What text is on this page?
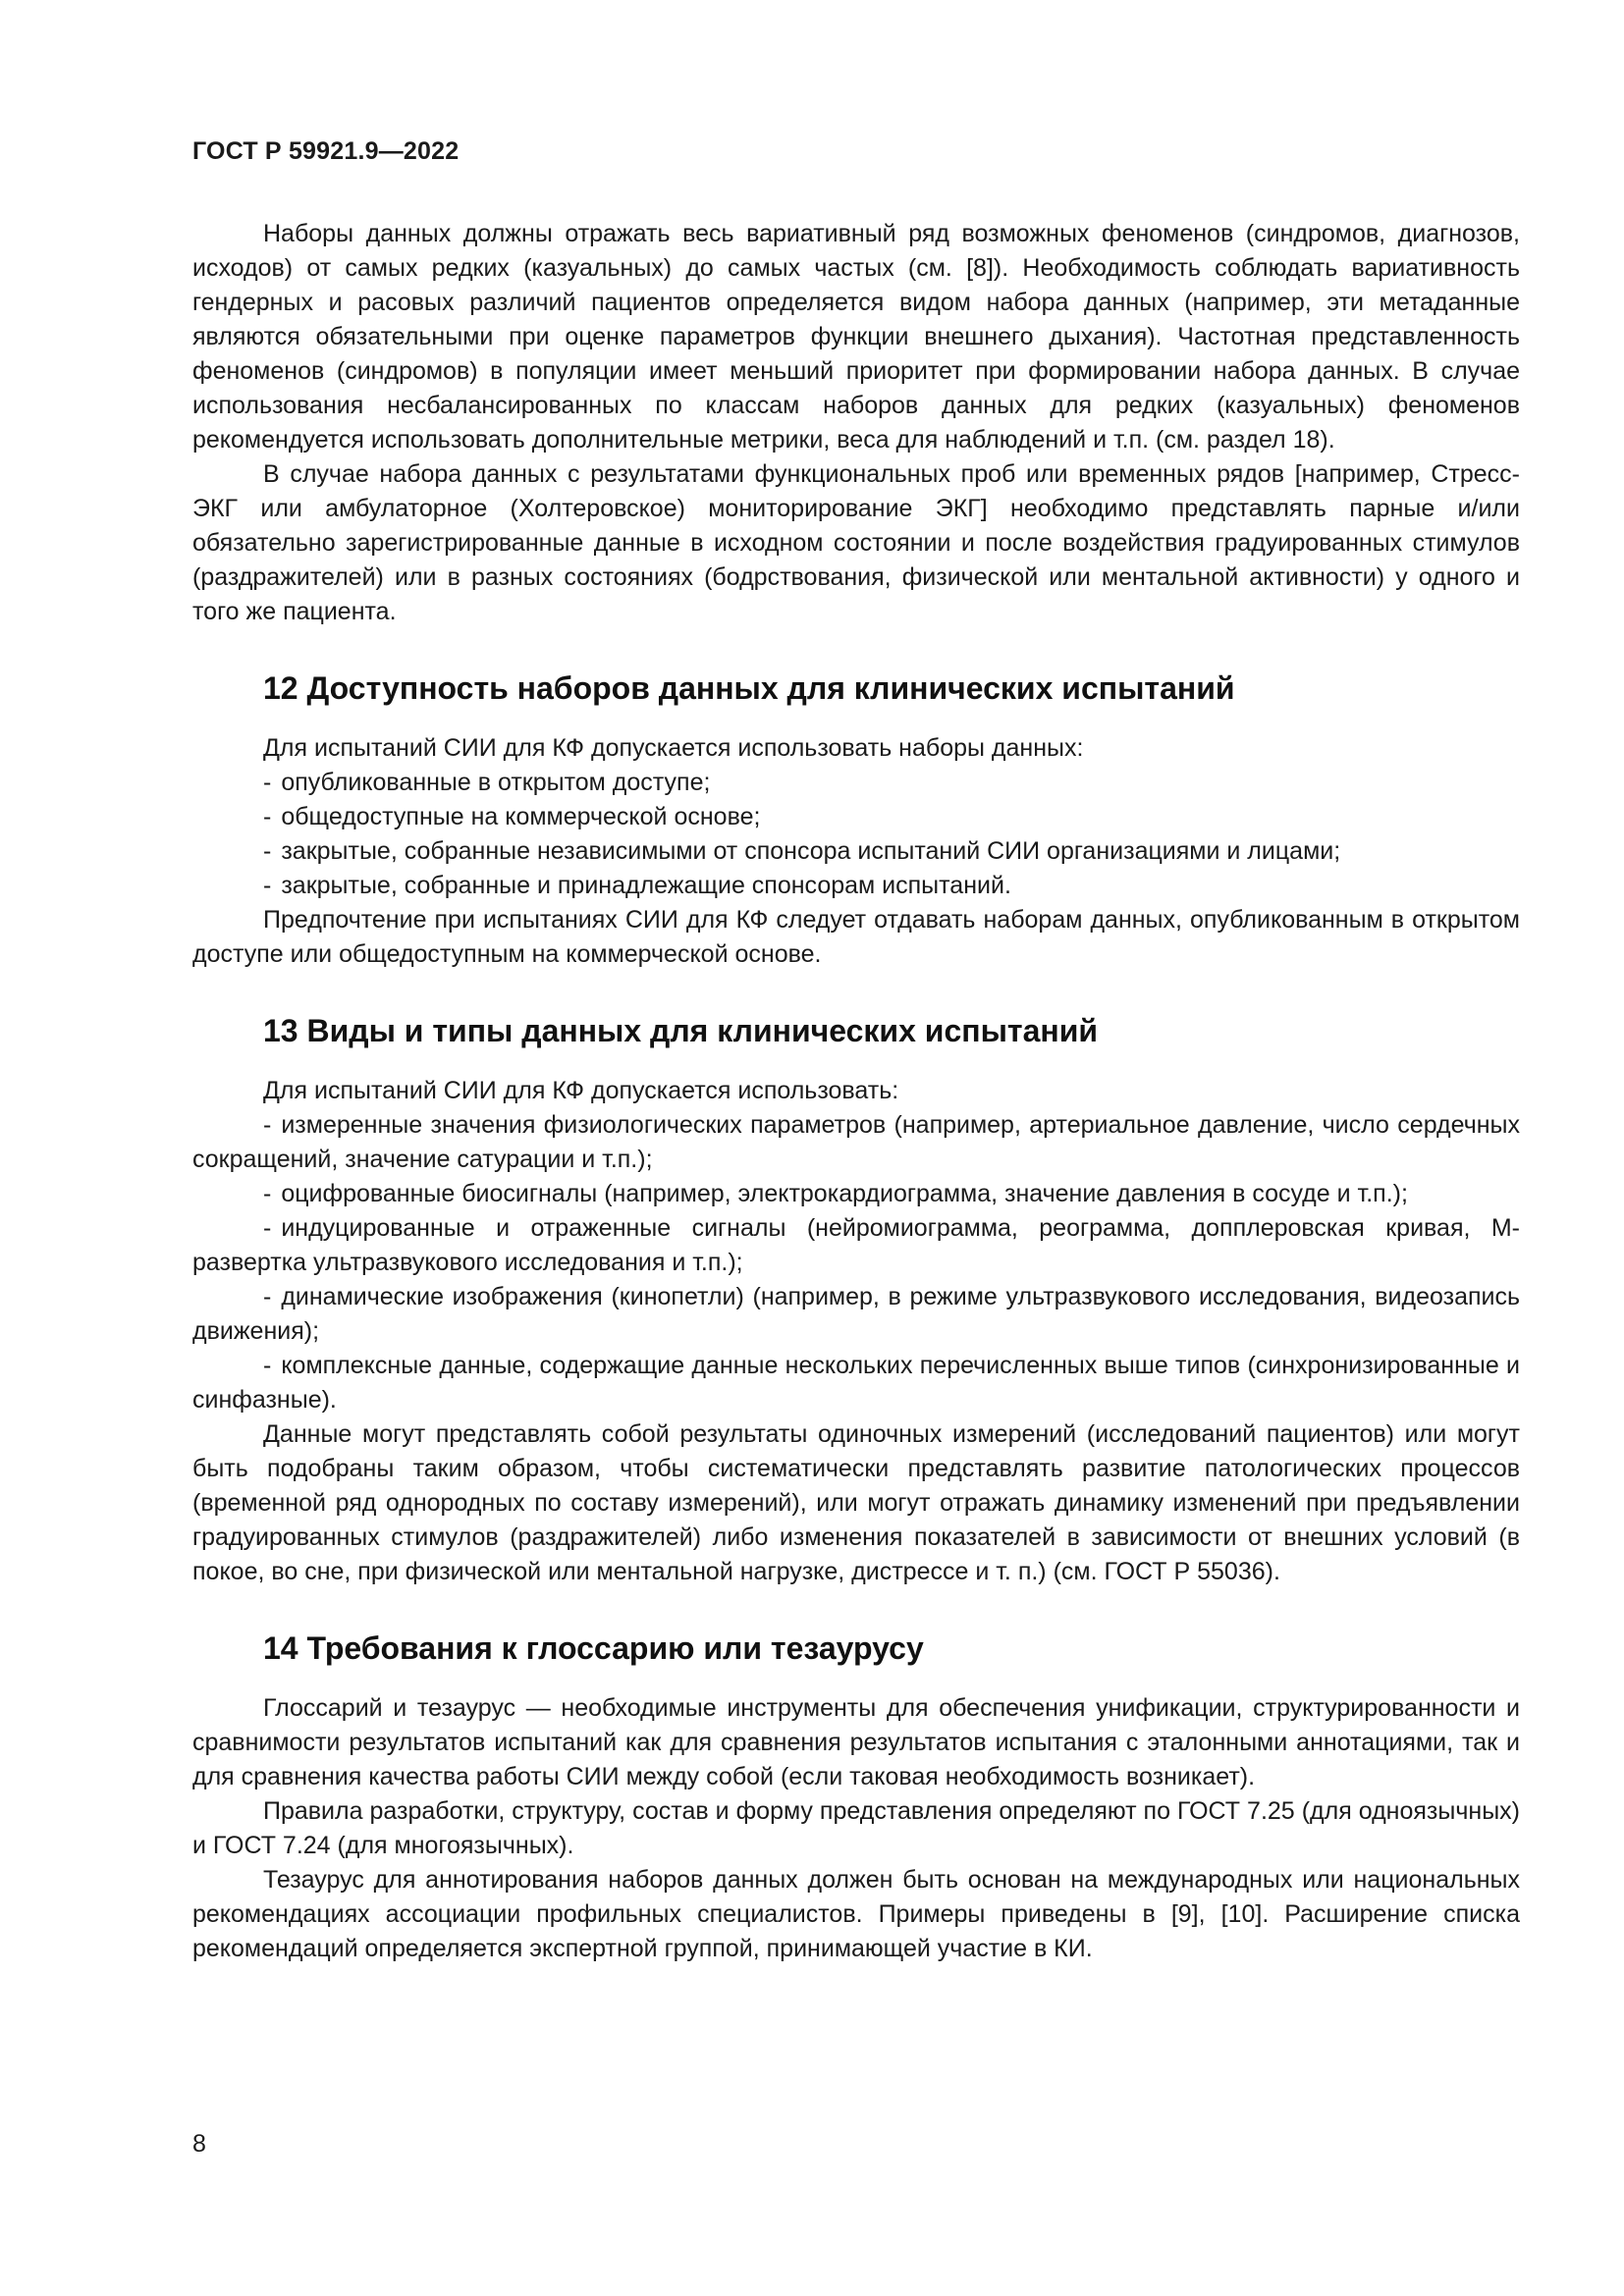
ГОСТ Р 59921.9—2022

Наборы данных должны отражать весь вариативный ряд возможных феноменов (синдромов, диагнозов, исходов) от самых редких (казуальных) до самых частых (см. [8]). Необходимость соблюдать вариативность гендерных и расовых различий пациентов определяется видом набора данных (например, эти метаданные являются обязательными при оценке параметров функции внешнего дыхания). Частотная представленность феноменов (синдромов) в популяции имеет меньший приоритет при формировании набора данных. В случае использования несбалансированных по классам наборов данных для редких (казуальных) феноменов рекомендуется использовать дополнительные метрики, веса для наблюдений и т.п. (см. раздел 18).

В случае набора данных с результатами функциональных проб или временных рядов [например, Стресс-ЭКГ или амбулаторное (Холтеровское) мониторирование ЭКГ] необходимо представлять парные и/или обязательно зарегистрированные данные в исходном состоянии и после воздействия градуированных стимулов (раздражителей) или в разных состояниях (бодрствования, физической или ментальной активности) у одного и того же пациента.

12 Доступность наборов данных для клинических испытаний

Для испытаний СИИ для КФ допускается использовать наборы данных:

- опубликованные в открытом доступе;
- общедоступные на коммерческой основе;
- закрытые, собранные независимыми от спонсора испытаний СИИ организациями и лицами;
- закрытые, собранные и принадлежащие спонсорам испытаний.

Предпочтение при испытаниях СИИ для КФ следует отдавать наборам данных, опубликованным в открытом доступе или общедоступным на коммерческой основе.

13 Виды и типы данных для клинических испытаний

Для испытаний СИИ для КФ допускается использовать:

- измеренные значения физиологических параметров (например, артериальное давление, число сердечных сокращений, значение сатурации и т.п.);
- оцифрованные биосигналы (например, электрокардиограмма, значение давления в сосуде и т.п.);
- индуцированные и отраженные сигналы (нейромиограмма, реограмма, допплеровская кривая, М-развертка ультразвукового исследования и т.п.);
- динамические изображения (кинопетли) (например, в режиме ультразвукового исследования, видеозапись движения);
- комплексные данные, содержащие данные нескольких перечисленных выше типов (синхронизированные и синфазные).

Данные могут представлять собой результаты одиночных измерений (исследований пациентов) или могут быть подобраны таким образом, чтобы систематически представлять развитие патологических процессов (временной ряд однородных по составу измерений), или могут отражать динамику изменений при предъявлении градуированных стимулов (раздражителей) либо изменения показателей в зависимости от внешних условий (в покое, во сне, при физической или ментальной нагрузке, дистрессе и т. п.) (см. ГОСТ Р 55036).

14 Требования к глоссарию или тезаурусу

Глоссарий и тезаурус — необходимые инструменты для обеспечения унификации, структурированности и сравнимости результатов испытаний как для сравнения результатов испытания с эталонными аннотациями, так и для сравнения качества работы СИИ между собой (если таковая необходимость возникает).

Правила разработки, структуру, состав и форму представления определяют по ГОСТ 7.25 (для одноязычных) и ГОСТ 7.24 (для многоязычных).

Тезаурус для аннотирования наборов данных должен быть основан на международных или национальных рекомендациях ассоциации профильных специалистов. Примеры приведены в [9], [10]. Расширение списка рекомендаций определяется экспертной группой, принимающей участие в КИ.

8
